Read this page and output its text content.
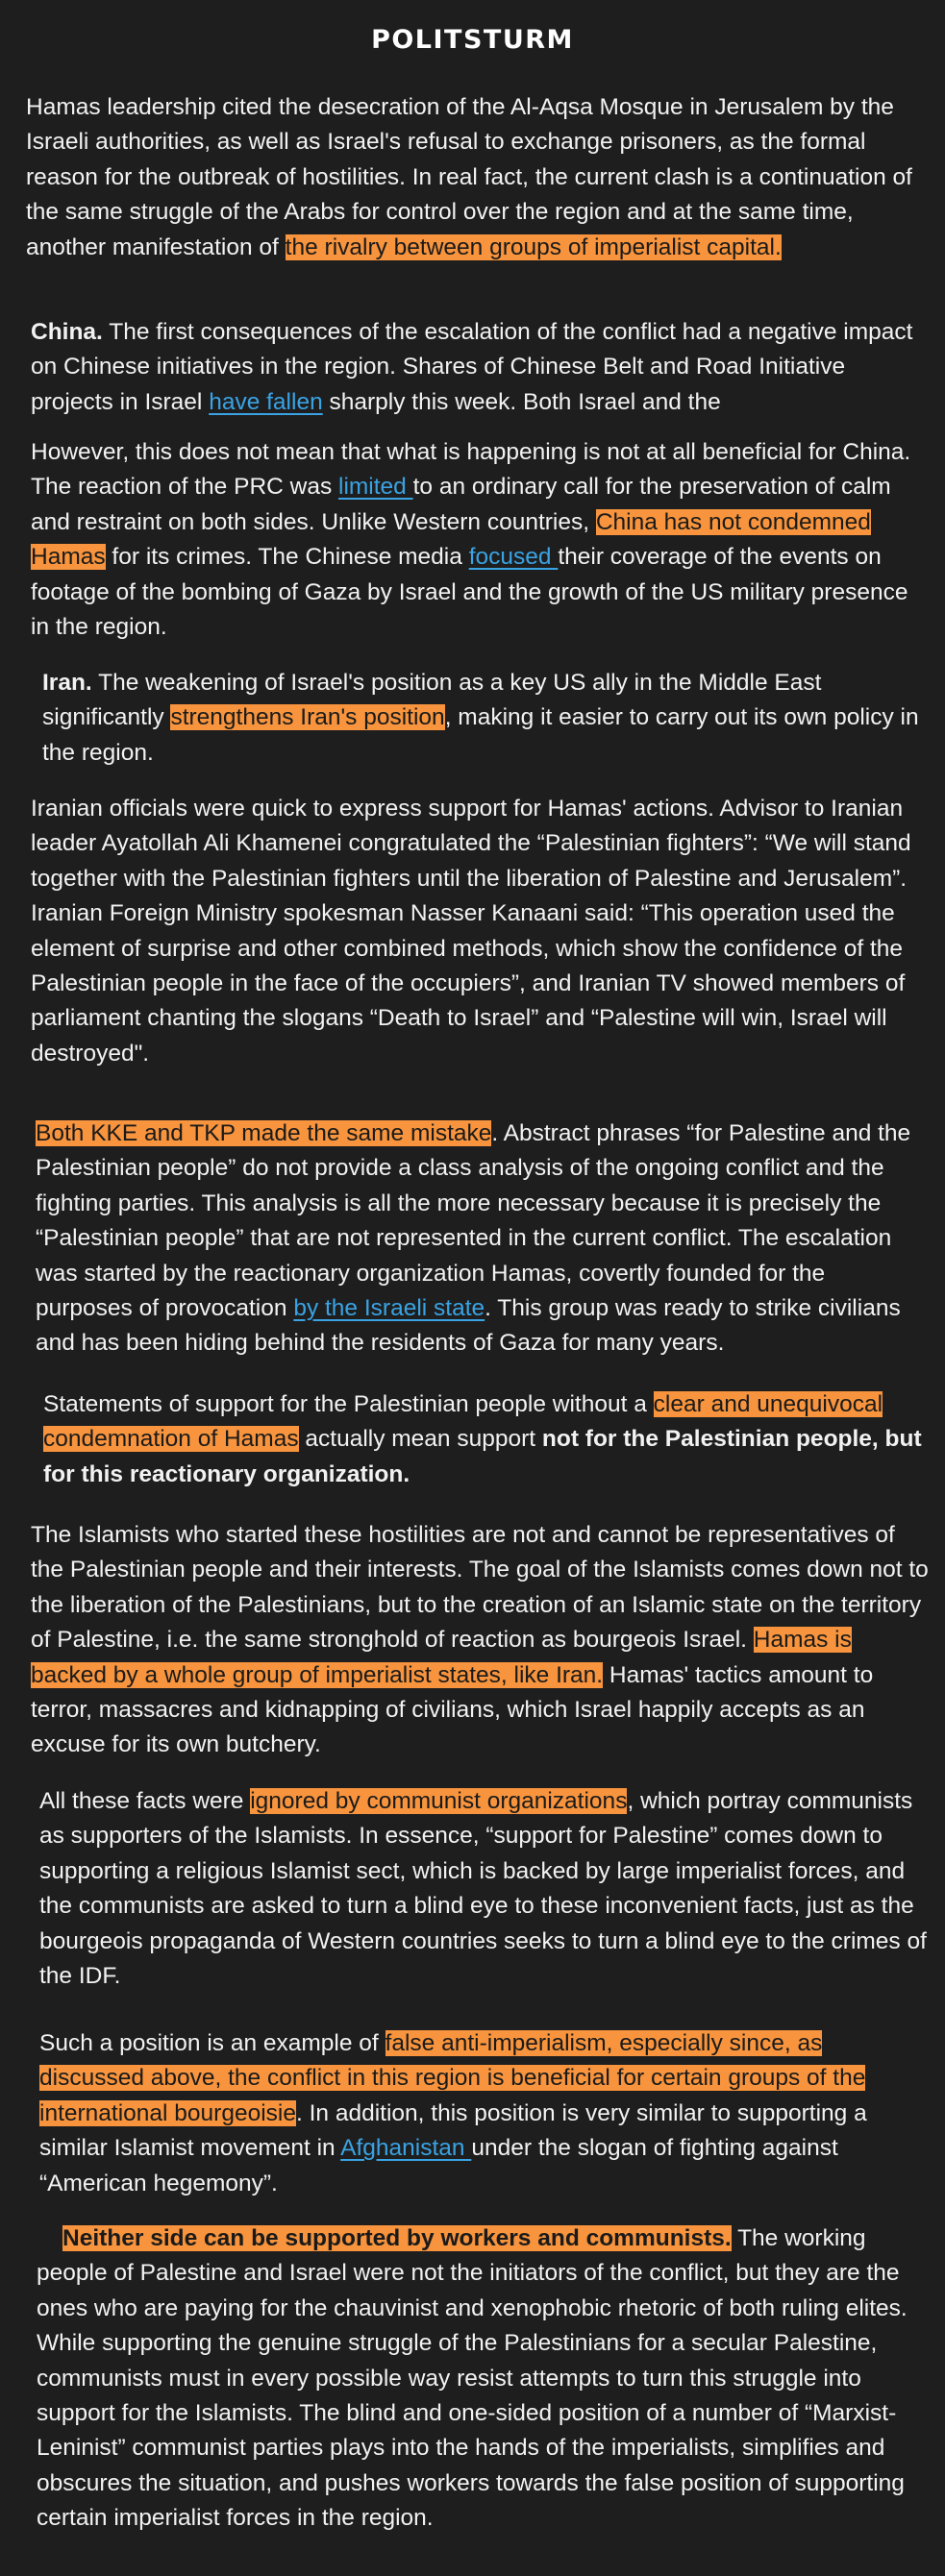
POLITSTURM

Hamas leadership cited the desecration of the Al-Aqsa Mosque in Jerusalem by the Israeli authorities, as well as Israel's refusal to exchange prisoners, as the formal reason for the outbreak of hostilities. In real fact, the current clash is a continuation of the same struggle of the Arabs for control over the region and at the same time, another manifestation of the rivalry between groups of imperialist capital.

China. The first consequences of the escalation of the conflict had a negative impact on Chinese initiatives in the region. Shares of Chinese Belt and Road Initiative projects in Israel have fallen sharply this week. Both Israel and the

However, this does not mean that what is happening is not at all beneficial for China. The reaction of the PRC was limited to an ordinary call for the preservation of calm and restraint on both sides. Unlike Western countries, China has not condemned Hamas for its crimes. The Chinese media focused their coverage of the events on footage of the bombing of Gaza by Israel and the growth of the US military presence in the region.

Iran. The weakening of Israel's position as a key US ally in the Middle East significantly strengthens Iran's position, making it easier to carry out its own policy in the region.

Iranian officials were quick to express support for Hamas' actions. Advisor to Iranian leader Ayatollah Ali Khamenei congratulated the “Palestinian fighters”: “We will stand together with the Palestinian fighters until the liberation of Palestine and Jerusalem”. Iranian Foreign Ministry spokesman Nasser Kanaani said: “This operation used the element of surprise and other combined methods, which show the confidence of the Palestinian people in the face of the occupiers”, and Iranian TV showed members of parliament chanting the slogans “Death to Israel” and “Palestine will win, Israel will destroyed".

Both KKE and TKP made the same mistake. Abstract phrases “for Palestine and the Palestinian people” do not provide a class analysis of the ongoing conflict and the fighting parties. This analysis is all the more necessary because it is precisely the “Palestinian people” that are not represented in the current conflict. The escalation was started by the reactionary organization Hamas, covertly founded for the purposes of provocation by the Israeli state. This group was ready to strike civilians and has been hiding behind the residents of Gaza for many years.

Statements of support for the Palestinian people without a clear and unequivocal condemnation of Hamas actually mean support not for the Palestinian people, but for this reactionary organization.

The Islamists who started these hostilities are not and cannot be representatives of the Palestinian people and their interests. The goal of the Islamists comes down not to the liberation of the Palestinians, but to the creation of an Islamic state on the territory of Palestine, i.e. the same stronghold of reaction as bourgeois Israel. Hamas is backed by a whole group of imperialist states, like Iran. Hamas' tactics amount to terror, massacres and kidnapping of civilians, which Israel happily accepts as an excuse for its own butchery.

All these facts were ignored by communist organizations, which portray communists as supporters of the Islamists. In essence, “support for Palestine” comes down to supporting a religious Islamist sect, which is backed by large imperialist forces, and the communists are asked to turn a blind eye to these inconvenient facts, just as the bourgeois propaganda of Western countries seeks to turn a blind eye to the crimes of the IDF.

Such a position is an example of false anti-imperialism, especially since, as discussed above, the conflict in this region is beneficial for certain groups of the international bourgeoisie. In addition, this position is very similar to supporting a similar Islamist movement in Afghanistan under the slogan of fighting against “American hegemony”.

Neither side can be supported by workers and communists. The working people of Palestine and Israel were not the initiators of the conflict, but they are the ones who are paying for the chauvinist and xenophobic rhetoric of both ruling elites. While supporting the genuine struggle of the Palestinians for a secular Palestine, communists must in every possible way resist attempts to turn this struggle into support for the Islamists. The blind and one-sided position of a number of “Marxist-Leninist” communist parties plays into the hands of the imperialists, simplifies and obscures the situation, and pushes workers towards the false position of supporting certain imperialist forces in the region.
